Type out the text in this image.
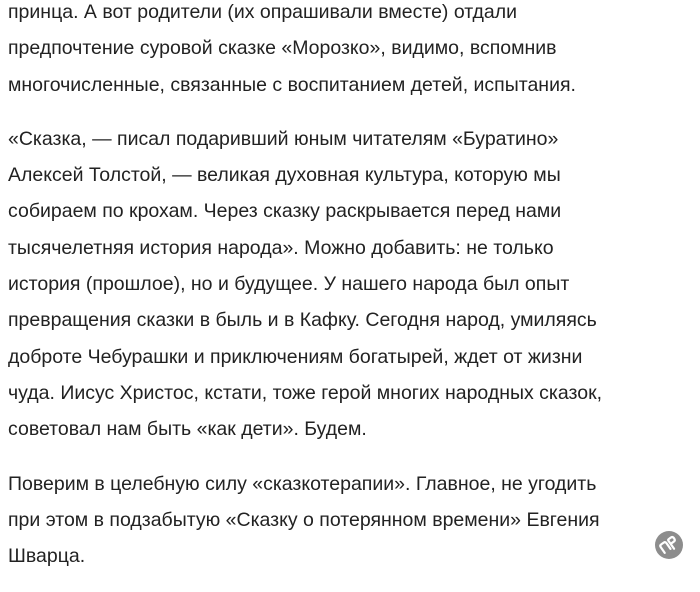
принца. А вот родители (их опрашивали вместе) отдали
предпочтение суровой сказке «Морозко», видимо, вспомнив
многочисленные, связанные с воспитанием детей, испытания.

«Сказка, — писал подаривший юным читателям «Буратино»
Алексей Толстой, — великая духовная культура, которую мы
собираем по крохам. Через сказку раскрывается перед нами
тысячелетняя история народа». Можно добавить: не только
история (прошлое), но и будущее. У нашего народа был опыт
превращения сказки в быль и в Кафку. Сегодня народ, умиляясь
доброте Чебурашки и приключениям богатырей, ждет от жизни
чуда. Иисус Христос, кстати, тоже герой многих народных сказок,
советовал нам быть «как дети». Будем.

Поверим в целебную силу «сказкотерапии». Главное, не угодить
при этом в подзабытую «Сказку о потерянном времени» Евгения
Шварца.
